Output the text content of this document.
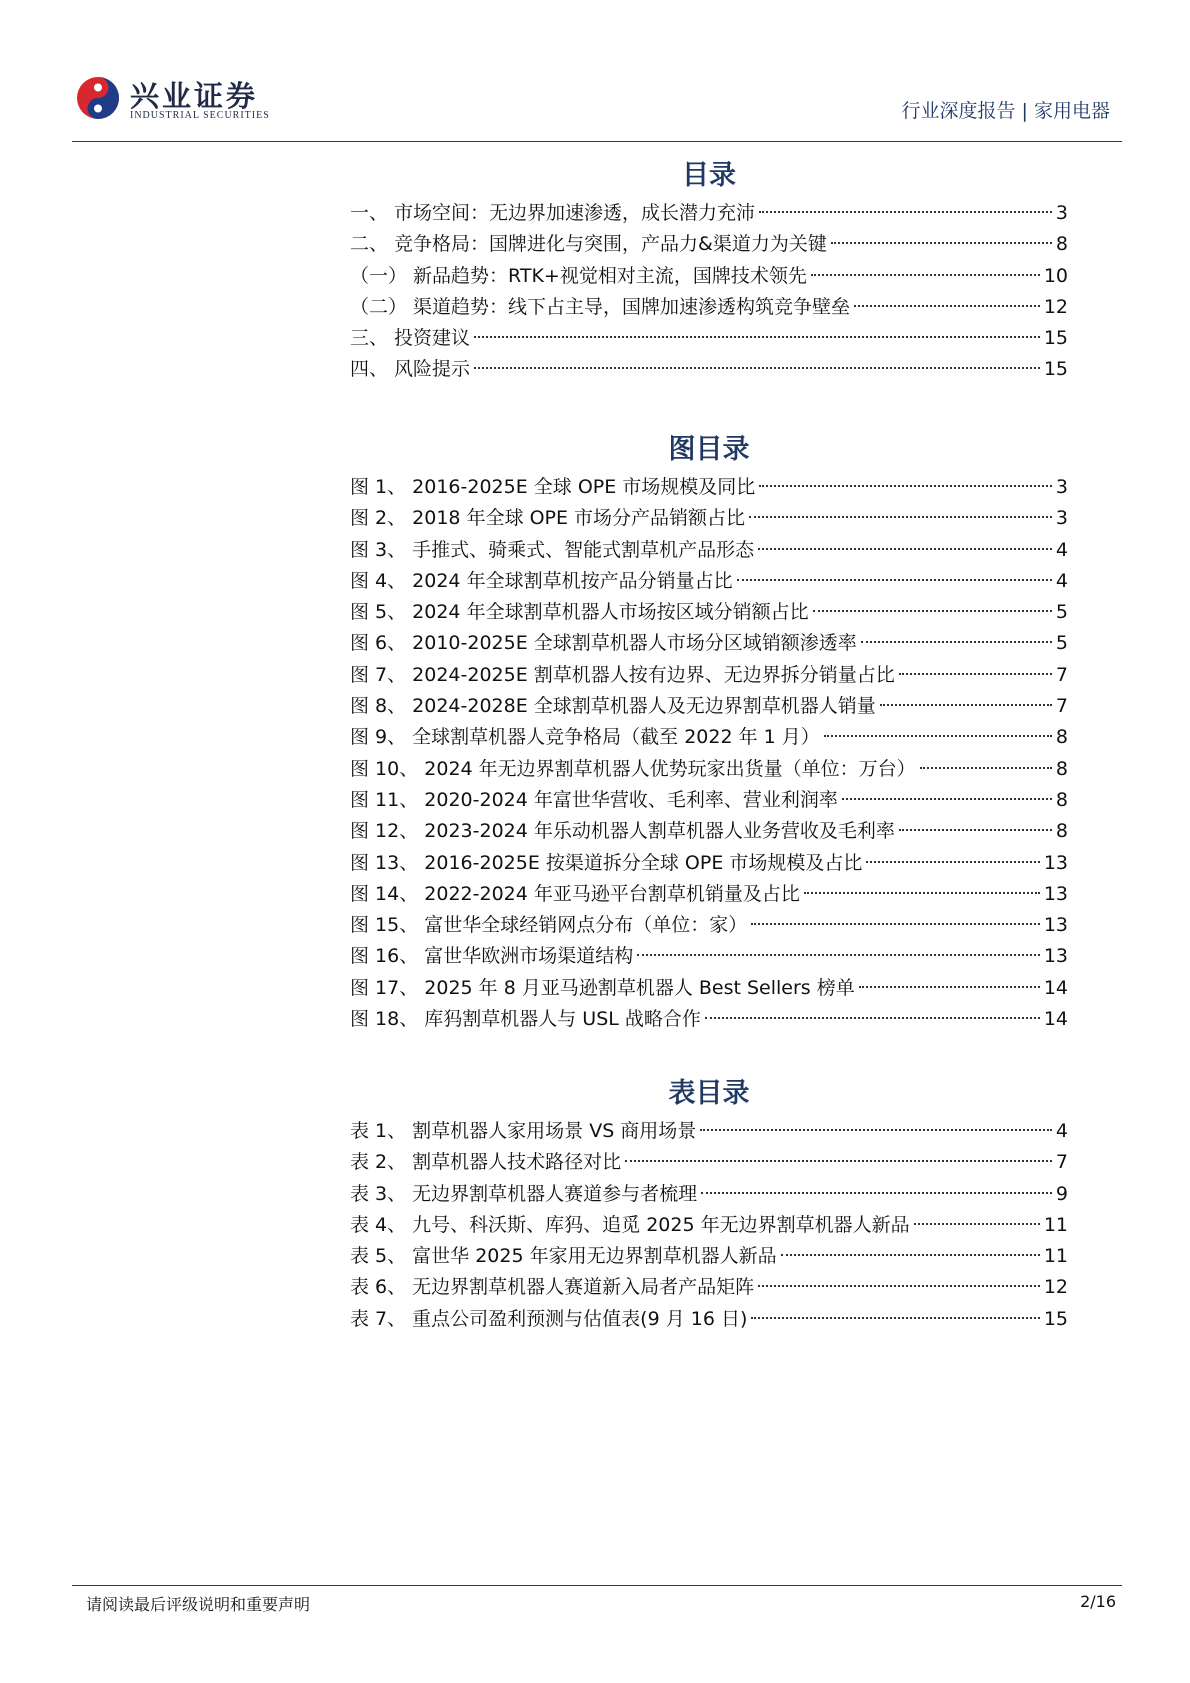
兴业证券
INDUSTRIAL SECURITIES	行业深度报告 | 家用电器
目录
一、 市场空间：无边界加速渗透，成长潜力充沛	3
二、 竞争格局：国牌进化与突围，产品力&渠道力为关键	8
（一） 新品趋势：RTK+视觉相对主流，国牌技术领先	10
（二） 渠道趋势：线下占主导，国牌加速渗透构筑竞争壁垒	12
三、 投资建议	15
四、 风险提示	15
图目录
图 1、 2016-2025E 全球 OPE 市场规模及同比	3
图 2、 2018 年全球 OPE 市场分产品销额占比	3
图 3、 手推式、骑乘式、智能式割草机产品形态	4
图 4、 2024 年全球割草机按产品分销量占比	4
图 5、 2024 年全球割草机器人市场按区域分销额占比	5
图 6、 2010-2025E 全球割草机器人市场分区域销额渗透率	5
图 7、 2024-2025E 割草机器人按有边界、无边界拆分销量占比	7
图 8、 2024-2028E 全球割草机器人及无边界割草机器人销量	7
图 9、 全球割草机器人竞争格局（截至 2022 年 1 月）	8
图 10、 2024 年无边界割草机器人优势玩家出货量（单位：万台）	8
图 11、 2020-2024 年富世华营收、毛利率、营业利润率	8
图 12、 2023-2024 年乐动机器人割草机器人业务营收及毛利率	8
图 13、 2016-2025E 按渠道拆分全球 OPE 市场规模及占比	13
图 14、 2022-2024 年亚马逊平台割草机销量及占比	13
图 15、 富世华全球经销网点分布（单位：家）	13
图 16、 富世华欧洲市场渠道结构	13
图 17、 2025 年 8 月亚马逊割草机器人 Best Sellers 榜单	14
图 18、 库犸割草机器人与 USL 战略合作	14
表目录
表 1、 割草机器人家用场景 VS 商用场景	4
表 2、 割草机器人技术路径对比	7
表 3、 无边界割草机器人赛道参与者梳理	9
表 4、 九号、科沃斯、库犸、追觅 2025 年无边界割草机器人新品	11
表 5、 富世华 2025 年家用无边界割草机器人新品	11
表 6、 无边界割草机器人赛道新入局者产品矩阵	12
表 7、 重点公司盈利预测与估值表(9 月 16 日)	15
请阅读最后评级说明和重要声明	2/16
